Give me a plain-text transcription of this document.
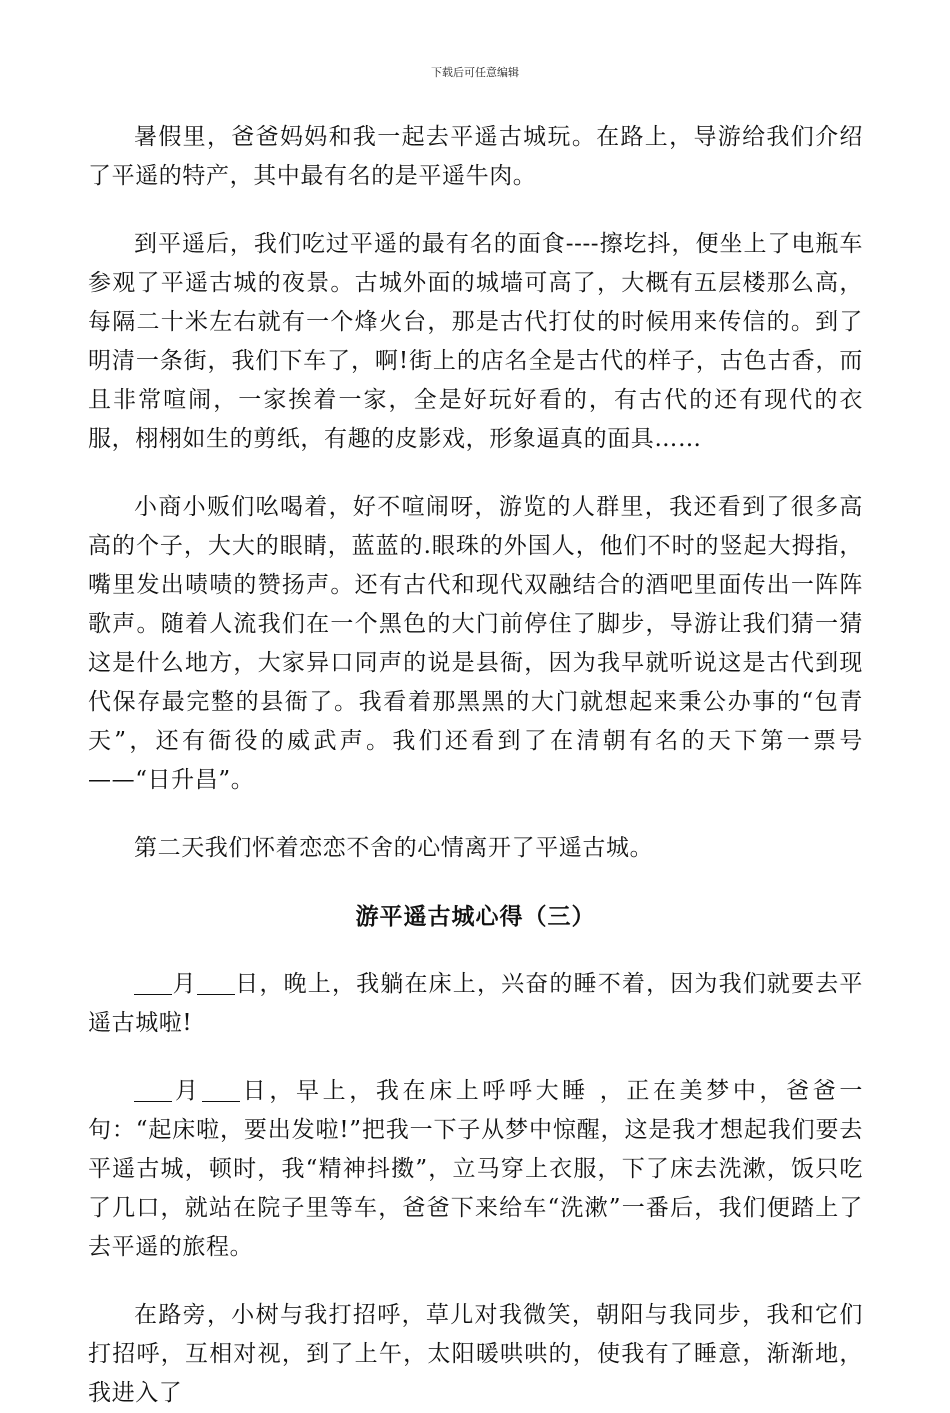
下载后可任意编辑

暑假里，爸爸妈妈和我一起去平遥古城玩。在路上，导游给我们介绍了平遥的特产，其中最有名的是平遥牛肉。

到平遥后，我们吃过平遥的最有名的面食----擦圪抖，便坐上了电瓶车参观了平遥古城的夜景。古城外面的城墙可高了，大概有五层楼那么高，每隔二十米左右就有一个烽火台，那是古代打仗的时候用来传信的。到了明清一条街，我们下车了，啊!街上的店名全是古代的样子，古色古香，而且非常喧闹，一家挨着一家，全是好玩好看的，有古代的还有现代的衣服，栩栩如生的剪纸，有趣的皮影戏，形象逼真的面具……

小商小贩们吆喝着，好不喧闹呀，游览的人群里，我还看到了很多高高的个子，大大的眼睛，蓝蓝的.眼珠的外国人，他们不时的竖起大拇指，嘴里发出啧啧的赞扬声。还有古代和现代双融结合的酒吧里面传出一阵阵歌声。随着人流我们在一个黑色的大门前停住了脚步，导游让我们猜一猜这是什么地方，大家异口同声的说是县衙，因为我早就听说这是古代到现代保存最完整的县衙了。我看着那黑黑的大门就想起来秉公办事的“包青天”，还有衙役的威武声。我们还看到了在清朝有名的天下第一票号——“日升昌”。

第二天我们怀着恋恋不舍的心情离开了平遥古城。

游平遥古城心得（三）

月 日，晚上，我躺在床上，兴奋的睡不着，因为我们就要去平遥古城啦!

月 日，早上，我在床上呼呼大睡 ，正在美梦中，爸爸一句：“起床啦，要出发啦!”把我一下子从梦中惊醒，这是我才想起我们要去平遥古城，顿时，我“精神抖擞”，立马穿上衣服，下了床去洗漱，饭只吃了几口，就站在院子里等车，爸爸下来给车“洗漱”一番后，我们便踏上了去平遥的旅程。

在路旁，小树与我打招呼，草儿对我微笑，朝阳与我同步，我和它们打招呼，互相对视，到了上午，太阳暖哄哄的，使我有了睡意，渐渐地，我进入了
